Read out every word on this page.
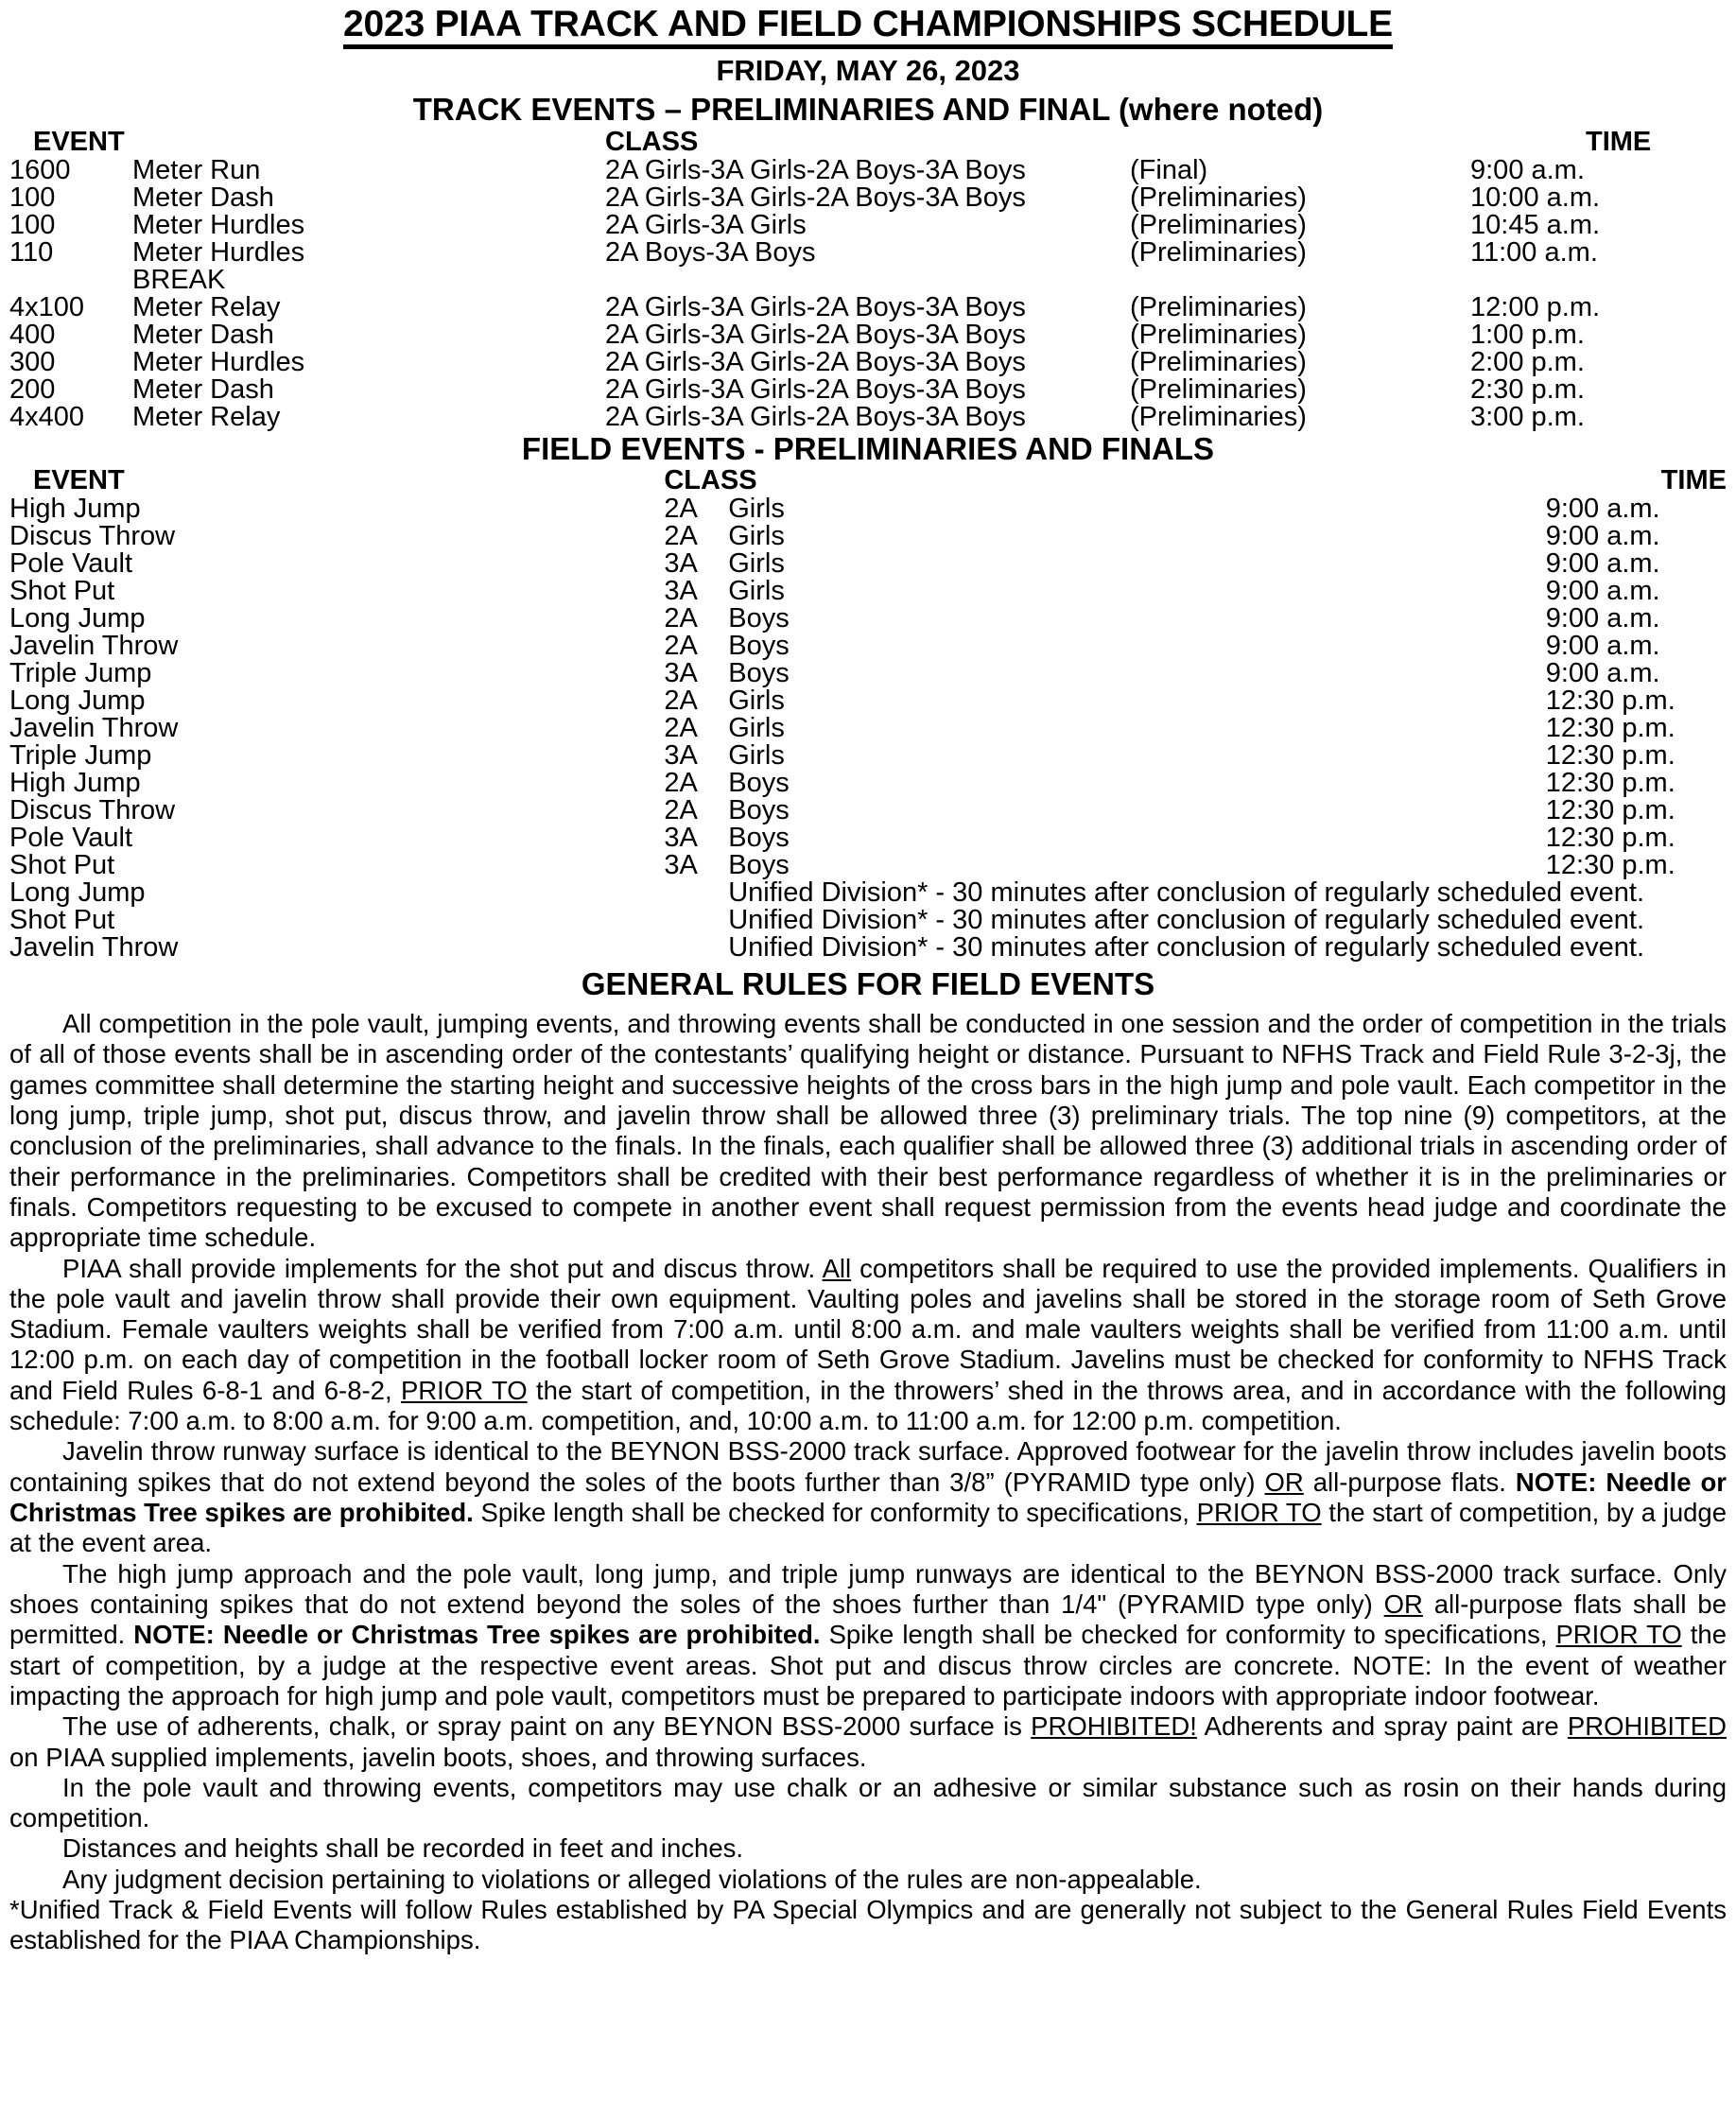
2023 PIAA TRACK AND FIELD CHAMPIONSHIPS SCHEDULE
FRIDAY, MAY 26, 2023
TRACK EVENTS – PRELIMINARIES AND FINAL (where noted)
EVENT			CLASS		TIME
1600		Meter Run	2A Girls-3A Girls-2A Boys-3A Boys	(Final)	9:00 a.m.
100		Meter Dash	2A Girls-3A Girls-2A Boys-3A Boys	(Preliminaries)	10:00 a.m.
100		Meter Hurdles	2A Girls-3A Girls	(Preliminaries)	10:45 a.m.
110		Meter Hurdles	2A Boys-3A Boys	(Preliminaries)	11:00 a.m.
		BREAK			
4x100		Meter Relay	2A Girls-3A Girls-2A Boys-3A Boys	(Preliminaries)	12:00 p.m.
400		Meter Dash	2A Girls-3A Girls-2A Boys-3A Boys	(Preliminaries)	1:00 p.m.
300		Meter Hurdles	2A Girls-3A Girls-2A Boys-3A Boys	(Preliminaries)	2:00 p.m.
200		Meter Dash	2A Girls-3A Girls-2A Boys-3A Boys	(Preliminaries)	2:30 p.m.
4x400		Meter Relay	2A Girls-3A Girls-2A Boys-3A Boys	(Preliminaries)	3:00 p.m.
FIELD EVENTS - PRELIMINARIES AND FINALS
EVENT	CLASS		TIME
High Jump	2A	Girls	9:00 a.m.
Discus Throw	2A	Girls	9:00 a.m.
Pole Vault	3A	Girls	9:00 a.m.
Shot Put	3A	Girls	9:00 a.m.
Long Jump	2A	Boys	9:00 a.m.
Javelin Throw	2A	Boys	9:00 a.m.
Triple Jump	3A	Boys	9:00 a.m.
Long Jump	2A	Girls	12:30 p.m.
Javelin Throw	2A	Girls	12:30 p.m.
Triple Jump	3A	Girls	12:30 p.m.
High Jump	2A	Boys	12:30 p.m.
Discus Throw	2A	Boys	12:30 p.m.
Pole Vault	3A	Boys	12:30 p.m.
Shot Put	3A	Boys	12:30 p.m.
Long Jump		Unified Division* - 30 minutes after conclusion of regularly scheduled event.	
Shot Put		Unified Division* - 30 minutes after conclusion of regularly scheduled event.	
Javelin Throw		Unified Division* - 30 minutes after conclusion of regularly scheduled event.	
GENERAL RULES FOR FIELD EVENTS

All competition in the pole vault, jumping events, and throwing events shall be conducted in one session and the order of competition in the trials of all of those events shall be in ascending order of the contestants’ qualifying height or distance. Pursuant to NFHS Track and Field Rule 3-2-3j, the games committee shall determine the starting height and successive heights of the cross bars in the high jump and pole vault. Each competitor in the long jump, triple jump, shot put, discus throw, and javelin throw shall be allowed three (3) preliminary trials. The top nine (9) competitors, at the conclusion of the preliminaries, shall advance to the finals. In the finals, each qualifier shall be allowed three (3) additional trials in ascending order of their performance in the preliminaries. Competitors shall be credited with their best performance regardless of whether it is in the preliminaries or finals. Competitors requesting to be excused to compete in another event shall request permission from the events head judge and coordinate the appropriate time schedule.

PIAA shall provide implements for the shot put and discus throw. All competitors shall be required to use the provided implements. Qualifiers in the pole vault and javelin throw shall provide their own equipment. Vaulting poles and javelins shall be stored in the storage room of Seth Grove Stadium. Female vaulters weights shall be verified from 7:00 a.m. until 8:00 a.m. and male vaulters weights shall be verified from 11:00 a.m. until 12:00 p.m. on each day of competition in the football locker room of Seth Grove Stadium. Javelins must be checked for conformity to NFHS Track and Field Rules 6-8-1 and 6-8-2, PRIOR TO the start of competition, in the throwers’ shed in the throws area, and in accordance with the following schedule: 7:00 a.m. to 8:00 a.m. for 9:00 a.m. competition, and, 10:00 a.m. to 11:00 a.m. for 12:00 p.m. competition.

Javelin throw runway surface is identical to the BEYNON BSS-2000 track surface. Approved footwear for the javelin throw includes javelin boots containing spikes that do not extend beyond the soles of the boots further than 3/8” (PYRAMID type only) OR all-purpose flats. NOTE: Needle or Christmas Tree spikes are prohibited. Spike length shall be checked for conformity to specifications, PRIOR TO the start of competition, by a judge at the event area.

The high jump approach and the pole vault, long jump, and triple jump runways are identical to the BEYNON BSS-2000 track surface. Only shoes containing spikes that do not extend beyond the soles of the shoes further than 1/4" (PYRAMID type only) OR all-purpose flats shall be permitted. NOTE: Needle or Christmas Tree spikes are prohibited. Spike length shall be checked for conformity to specifications, PRIOR TO the start of competition, by a judge at the respective event areas. Shot put and discus throw circles are concrete. NOTE: In the event of weather impacting the approach for high jump and pole vault, competitors must be prepared to participate indoors with appropriate indoor footwear.

The use of adherents, chalk, or spray paint on any BEYNON BSS-2000 surface is PROHIBITED! Adherents and spray paint are PROHIBITED on PIAA supplied implements, javelin boots, shoes, and throwing surfaces.

In the pole vault and throwing events, competitors may use chalk or an adhesive or similar substance such as rosin on their hands during competition.

Distances and heights shall be recorded in feet and inches.

Any judgment decision pertaining to violations or alleged violations of the rules are non-appealable.

*Unified Track & Field Events will follow Rules established by PA Special Olympics and are generally not subject to the General Rules Field Events established for the PIAA Championships.
